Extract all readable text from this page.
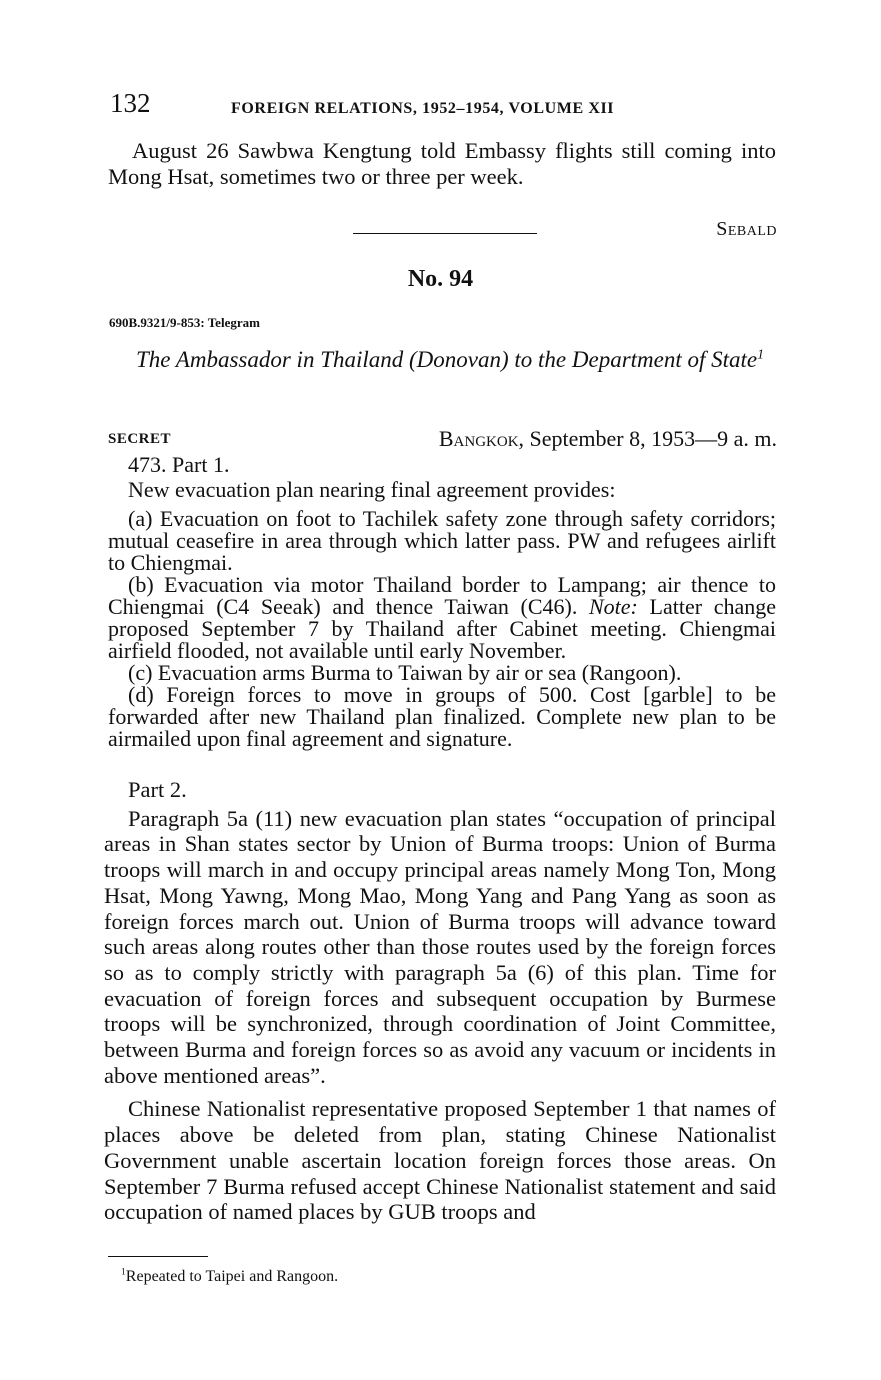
132	FOREIGN RELATIONS, 1952–1954, VOLUME XII

August 26 Sawbwa Kengtung told Embassy flights still coming into Mong Hsat, sometimes two or three per week.

Sebald
No. 94
690B.9321/9-853: Telegram
The Ambassador in Thailand (Donovan) to the Department of State$^1$
SECRET	Bangkok, September 8, 1953—9 a. m.

473. Part 1.

New evacuation plan nearing final agreement provides:

(a) Evacuation on foot to Tachilek safety zone through safety corridors; mutual ceasefire in area through which latter pass. PW and refugees airlift to Chiengmai.

(b) Evacuation via motor Thailand border to Lampang; air thence to Chiengmai (C4 Seeak) and thence Taiwan (C46). Note: Latter change proposed September 7 by Thailand after Cabinet meeting. Chiengmai airfield flooded, not available until early November.

(c) Evacuation arms Burma to Taiwan by air or sea (Rangoon).

(d) Foreign forces to move in groups of 500. Cost [garble] to be forwarded after new Thailand plan finalized. Complete new plan to be airmailed upon final agreement and signature.

Part 2.

Paragraph 5a (11) new evacuation plan states “occupation of principal areas in Shan states sector by Union of Burma troops: Union of Burma troops will march in and occupy principal areas namely Mong Ton, Mong Hsat, Mong Yawng, Mong Mao, Mong Yang and Pang Yang as soon as foreign forces march out. Union of Burma troops will advance toward such areas along routes other than those routes used by the foreign forces so as to comply strictly with paragraph 5a (6) of this plan. Time for evacuation of foreign forces and subsequent occupation by Burmese troops will be synchronized, through coordination of Joint Committee, between Burma and foreign forces so as avoid any vacuum or incidents in above mentioned areas”.

Chinese Nationalist representative proposed September 1 that names of places above be deleted from plan, stating Chinese Nationalist Government unable ascertain location foreign forces those areas. On September 7 Burma refused accept Chinese Nationalist statement and said occupation of named places by GUB troops and

$^1$Repeated to Taipei and Rangoon.
